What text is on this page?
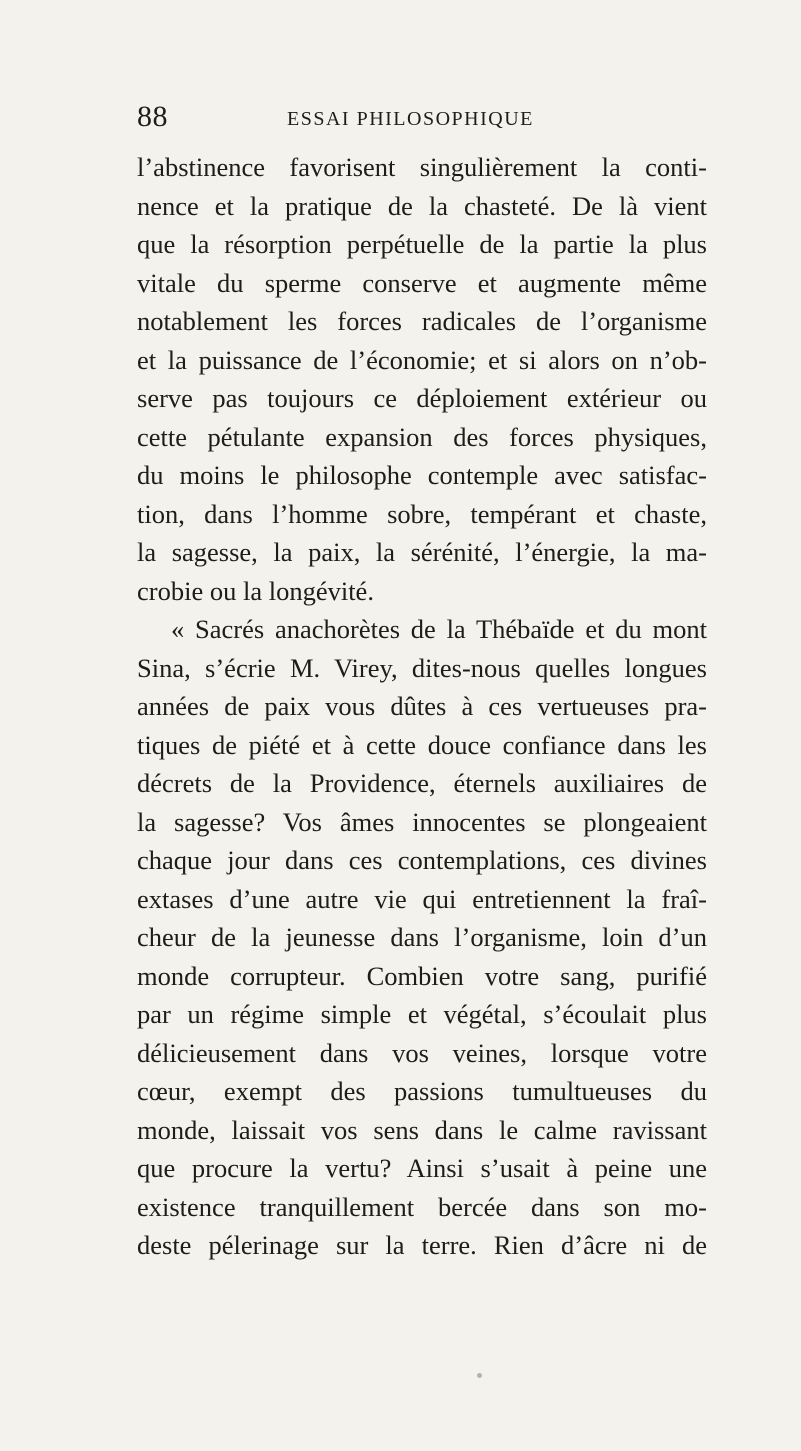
88	ESSAI PHILOSOPHIQUE
l’abstinence favorisent singulièrement la conti-
nence et la pratique de la chasteté. De là vient
que la résorption perpétuelle de la partie la plus
vitale du sperme conserve et augmente même
notablement les forces radicales de l’organisme
et la puissance de l’économie; et si alors on n’ob-
serve pas toujours ce déploiement extérieur ou
cette pétulante expansion des forces physiques,
du moins le philosophe contemple avec satisfac-
tion, dans l’homme sobre, tempérant et chaste,
la sagesse, la paix, la sérénité, l’énergie, la ma-
crobie ou la longévité.
« Sacrés anachorètes de la Thébaïde et du mont
Sina, s’écrie M. Virey, dites-nous quelles longues
années de paix vous dûtes à ces vertueuses pra-
tiques de piété et à cette douce confiance dans les
décrets de la Providence, éternels auxiliaires de
la sagesse? Vos âmes innocentes se plongeaient
chaque jour dans ces contemplations, ces divines
extases d’une autre vie qui entretiennent la fraî-
cheur de la jeunesse dans l’organisme, loin d’un
monde corrupteur. Combien votre sang, purifié
par un régime simple et végétal, s’écoulait plus
délicieusement dans vos veines, lorsque votre
cœur, exempt des passions tumultueuses du
monde, laissait vos sens dans le calme ravissant
que procure la vertu? Ainsi s’usait à peine une
existence tranquillement bercée dans son mo-
deste pélerinage sur la terre. Rien d’âcre ni de
